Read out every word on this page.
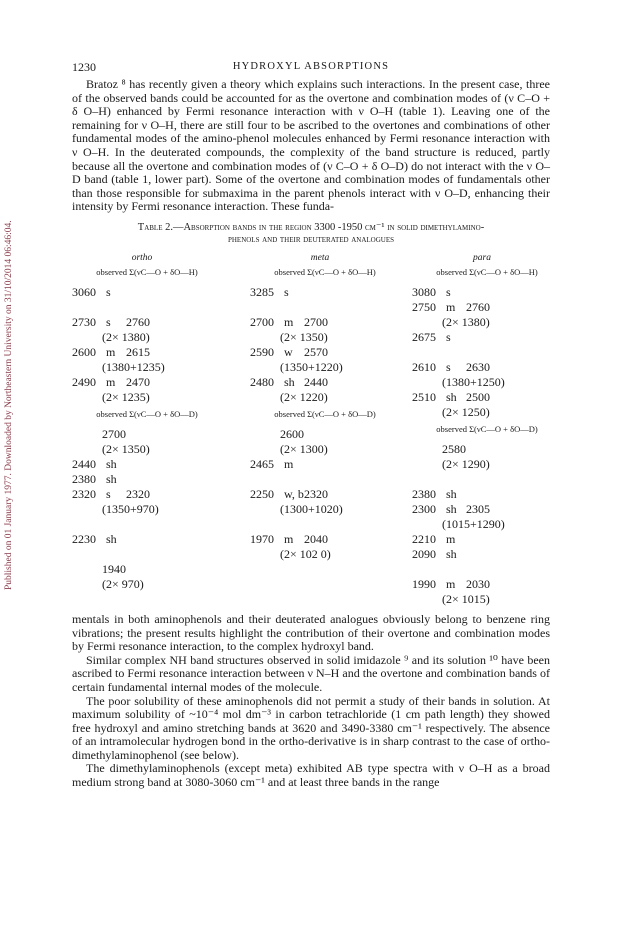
Published on 01 January 1977. Downloaded by Northeastern University on 31/10/2014 06:46:04.
1230	HYDROXYL ABSORPTIONS

Bratoz ⁸ has recently given a theory which explains such interactions. In the present case, three of the observed bands could be accounted for as the overtone and combination modes of (ν C–O + δ O–H) enhanced by Fermi resonance interaction with ν O–H (table 1). Leaving one of the remaining for ν O–H, there are still four to be ascribed to the overtones and combinations of other fundamental modes of the amino-phenol molecules enhanced by Fermi resonance interaction with ν O–H. In the deuterated compounds, the complexity of the band structure is reduced, partly because all the overtone and combination modes of (ν C–O + δ O–D) do not interact with the ν O–D band (table 1, lower part). Some of the overtone and combination modes of fundamentals other than those responsible for submaxima in the parent phenols interact with ν O–D, enhancing their intensity by Fermi resonance interaction. These funda-

Table 2.—Absorption bands in the region 3300 -1950 cm⁻¹ in solid dimethylamino-
phenols and their deuterated analogues
ortho
observed Σ(νC—O + δO—H)
3060 s
2730 s 2760
(2× 1380)
2600 m 2615
(1380+1235)
2490 m 2470
(2× 1235)
observed Σ(νC—O + δO—D)
2700
(2× 1350)
2440 sh
2380 sh
2320 s 2320
(1350+970)
2230 sh
1940
(2× 970)
meta
observed Σ(νC—O + δO—H)
3285 s
2700 m 2700
(2× 1350)
2590 w 2570
(1350+1220)
2480 sh 2440
(2× 1220)
observed Σ(νC—O + δO—D)
2600
(2× 1300)
2465 m
2250 w, b 2320
(1300+1020)
1970 m 2040
(2× 102 0)
para
observed Σ(νC—O + δO—H)
3080 s
2750 m 2760
(2× 1380)
2675 s
2610 s 2630
(1380+1250)
2510 sh 2500
(2× 1250)
observed Σ(νC—O + δO—D)
2580
(2× 1290)
2380 sh
2300 sh 2305
(1015+1290)
2210 m
2090 sh
1990 m 2030
(2× 1015)

mentals in both aminophenols and their deuterated analogues obviously belong to benzene ring vibrations; the present results highlight the contribution of their overtone and combination modes by Fermi resonance interaction, to the complex hydroxyl band.

Similar complex NH band structures observed in solid imidazole ⁹ and its solution ¹⁰ have been ascribed to Fermi resonance interaction between ν N–H and the overtone and combination bands of certain fundamental internal modes of the molecule.

The poor solubility of these aminophenols did not permit a study of their bands in solution. At maximum solubility of ~10⁻⁴ mol dm⁻³ in carbon tetrachloride (1 cm path length) they showed free hydroxyl and amino stretching bands at 3620 and 3490-3380 cm⁻¹ respectively. The absence of an intramolecular hydrogen bond in the ortho-derivative is in sharp contrast to the case of ortho-dimethylaminophenol (see below).

The dimethylaminophenols (except meta) exhibited AB type spectra with ν O–H as a broad medium strong band at 3080-3060 cm⁻¹ and at least three bands in the range
